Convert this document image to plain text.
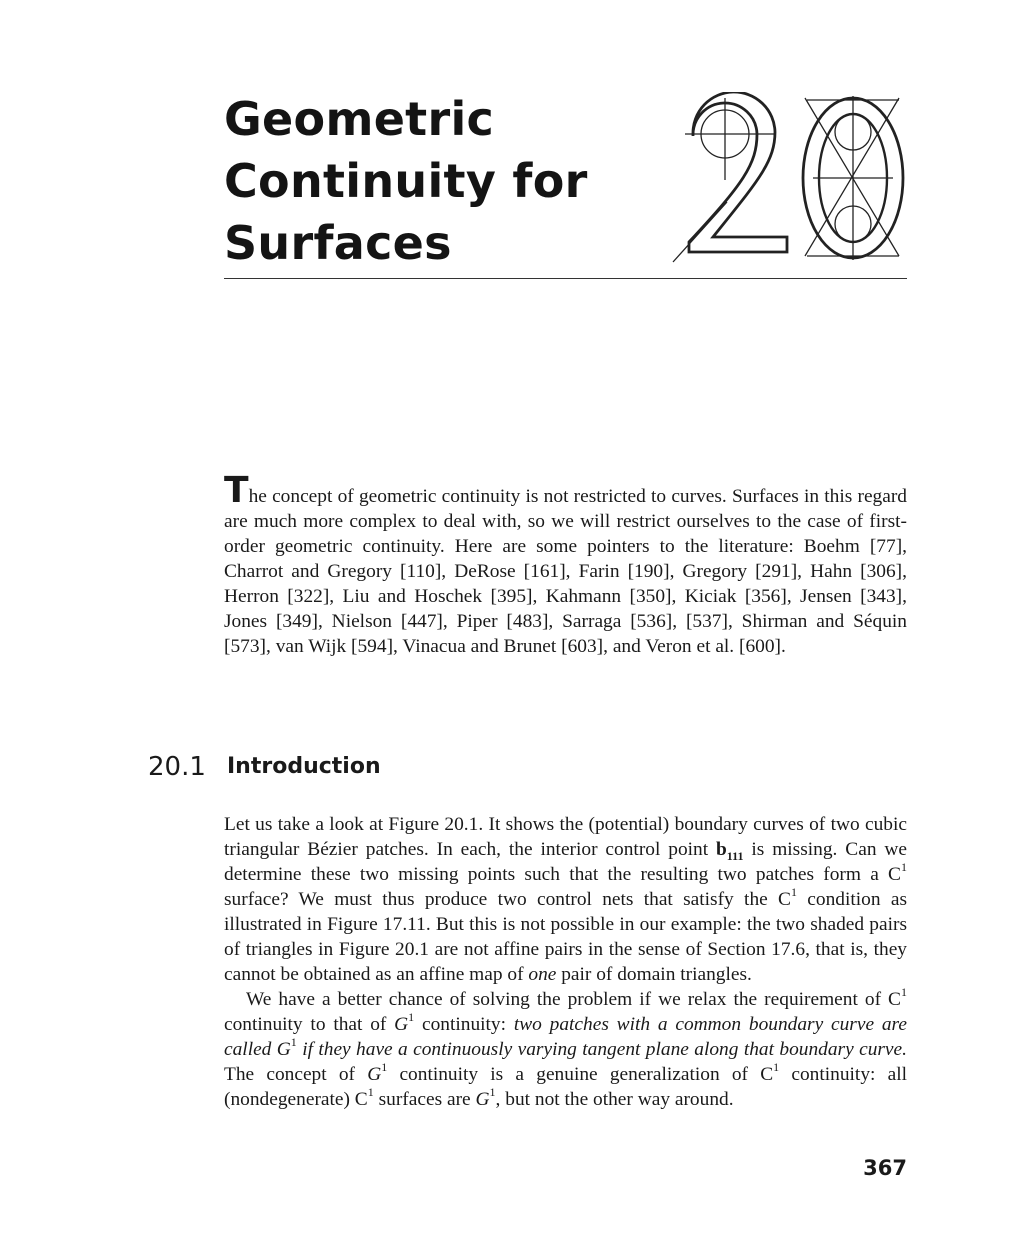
Geometric
Continuity for
Surfaces

The concept of geometric continuity is not restricted to curves. Surfaces in this regard are much more complex to deal with, so we will restrict ourselves to the case of first-order geometric continuity. Here are some pointers to the literature: Boehm [77], Charrot and Gregory [110], DeRose [161], Farin [190], Gregory [291], Hahn [306], Herron [322], Liu and Hoschek [395], Kahmann [350], Kiciak [356], Jensen [343], Jones [349], Nielson [447], Piper [483], Sarraga [536], [537], Shirman and Séquin [573], van Wijk [594], Vinacua and Brunet [603], and Veron et al. [600].

20.1 Introduction

Let us take a look at Figure 20.1. It shows the (potential) boundary curves of two cubic triangular Bézier patches. In each, the interior control point $b_{111}$ is missing. Can we determine these two missing points such that the resulting two patches form a $C^1$ surface? We must thus produce two control nets that satisfy the $C^1$ condition as illustrated in Figure 17.11. But this is not possible in our example: the two shaded pairs of triangles in Figure 20.1 are not affine pairs in the sense of Section 17.6, that is, they cannot be obtained as an affine map of one pair of domain triangles.

We have a better chance of solving the problem if we relax the requirement of $C^1$ continuity to that of $G^1$ continuity: two patches with a common boundary curve are called $G^1$ if they have a continuously varying tangent plane along that boundary curve. The concept of $G^1$ continuity is a genuine generalization of $C^1$ continuity: all (nondegenerate) $C^1$ surfaces are $G^1$, but not the other way around.

367
